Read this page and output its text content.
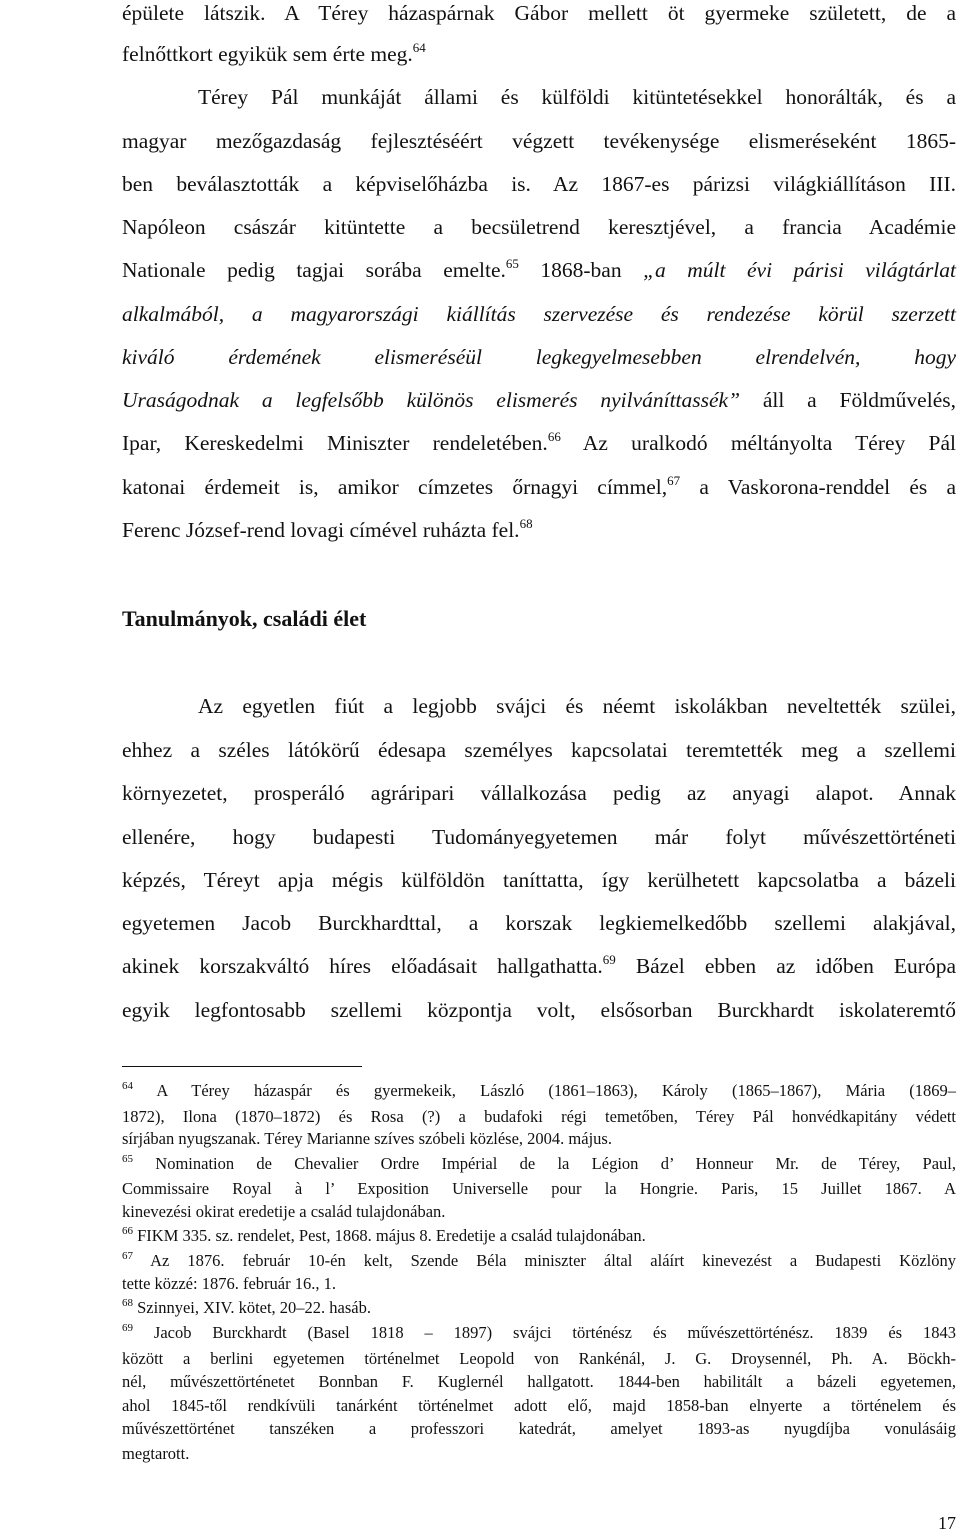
épülete látszik. A Térey házaspárnak Gábor mellett öt gyermeke született, de a
felnőttkort egyikük sem érte meg.$^{64}$
Térey Pál munkáját állami és külföldi kitüntetésekkel honorálták, és a
magyar mezőgazdaság fejlesztéséért végzett tevékenysége elismeréseként 1865-
ben beválasztották a képviselőházba is. Az 1867-es párizsi világkiállításon III.
Napóleon császár kitüntette a becsületrend keresztjével, a francia Académie
Nationale pedig tagjai sorába emelte.$^{65}$ 1868-ban „a múlt évi párisi világtárlat
alkalmából, a magyarországi kiállítás szervezése és rendezése körül szerzett
kiváló érdemének elismeréséül legkegyelmesebben elrendelvén, hogy
Uraságodnak a legfelsőbb különös elismerés nyilváníttassék” áll a Földművelés,
Ipar, Kereskedelmi Miniszter rendeletében.$^{66}$ Az uralkodó méltányolta Térey Pál
katonai érdemeit is, amikor címzetes őrnagyi címmel,$^{67}$ a Vaskorona-renddel és a
Ferenc József-rend lovagi címével ruházta fel.$^{68}$
Tanulmányok, családi élet
Az egyetlen fiút a legjobb svájci és néemt iskolákban neveltették szülei,
ehhez a széles látókörű édesapa személyes kapcsolatai teremtették meg a szellemi
környezetet, prosperáló agráripari vállalkozása pedig az anyagi alapot. Annak
ellenére, hogy budapesti Tudományegyetemen már folyt művészettörténeti
képzés, Téreyt apja mégis külföldön taníttatta, így kerülhetett kapcsolatba a bázeli
egyetemen Jacob Burckhardttal, a korszak legkiemelkedőbb szellemi alakjával,
akinek korszakváltó híres előadásait hallgathatta.$^{69}$ Bázel ebben az időben Európa
egyik legfontosabb szellemi központja volt, elsősorban Burckhardt iskolateremtő
$^{64}$ A Térey házaspár és gyermekeik, László (1861–1863), Károly (1865–1867), Mária (1869–
1872), Ilona (1870–1872) és Rosa (?) a budafoki régi temetőben, Térey Pál honvédkapitány védett
sírjában nyugszanak. Térey Marianne szíves szóbeli közlése, 2004. május.
$^{65}$ Nomination de Chevalier Ordre Impérial de la Légion d’ Honneur Mr. de Térey, Paul,
Commissaire Royal à l’ Exposition Universelle pour la Hongrie. Paris, 15 Juillet 1867. A
kinevezési okirat eredetije a család tulajdonában.
$^{66}$ FIKM 335. sz. rendelet, Pest, 1868. május 8. Eredetije a család tulajdonában.
$^{67}$ Az 1876. február 10-én kelt, Szende Béla miniszter által aláírt kinevezést a Budapesti Közlöny
tette közzé: 1876. február 16., 1.
$^{68}$ Szinnyei, XIV. kötet, 20–22. hasáb.
$^{69}$ Jacob Burckhardt (Basel 1818 – 1897) svájci történész és művészettörténész. 1839 és 1843
között a berlini egyetemen történelmet Leopold von Rankénál, J. G. Droysennél, Ph. A. Böckh-
nél, művészettörténetet Bonnban F. Kuglernél hallgatott. 1844-ben habilitált a bázeli egyetemen,
ahol 1845-től rendkívüli tanárként történelmet adott elő, majd 1858-ban elnyerte a történelem és
művészettörténet tanszéken a professzori katedrát, amelyet 1893-as nyugdíjba vonulásáig
megtarott.
17
